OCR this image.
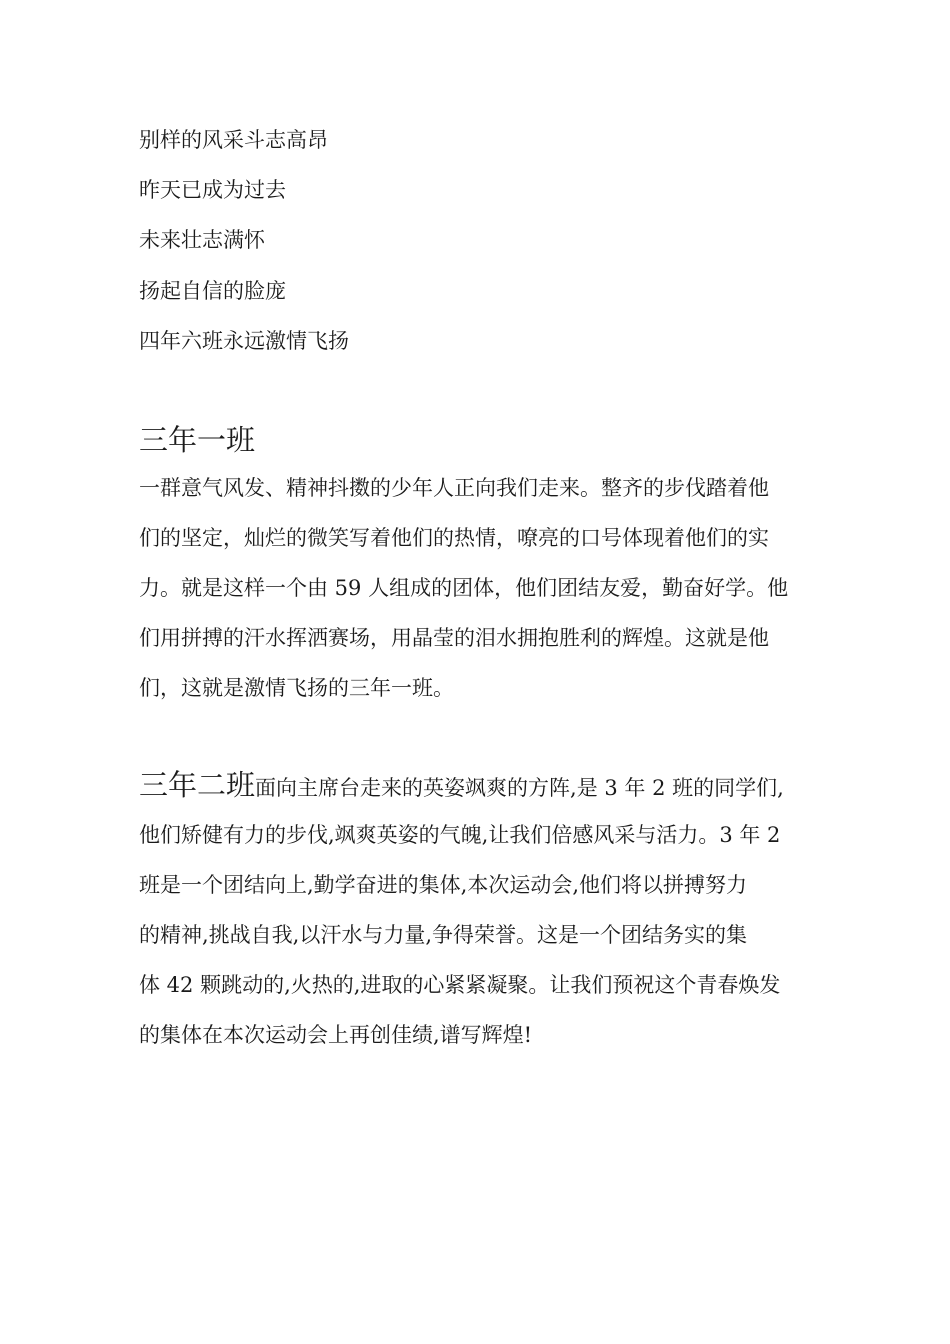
别样的风采斗志高昂
昨天已成为过去
未来壮志满怀
扬起自信的脸庞
四年六班永远激情飞扬
三年一班
一群意气风发、精神抖擞的少年人正向我们走来。整齐的步伐踏着他
们的坚定，灿烂的微笑写着他们的热情，嘹亮的口号体现着他们的实
力。就是这样一个由 59 人组成的团体，他们团结友爱，勤奋好学。他
们用拼搏的汗水挥洒赛场，用晶莹的泪水拥抱胜利的辉煌。这就是他
们，这就是激情飞扬的三年一班。
三年二班面向主席台走来的英姿飒爽的方阵,是 3 年 2 班的同学们,
他们矫健有力的步伐,飒爽英姿的气魄,让我们倍感风采与活力。3 年 2
班是一个团结向上,勤学奋进的集体,本次运动会,他们将以拼搏努力
的精神,挑战自我,以汗水与力量,争得荣誉。这是一个团结务实的集
体 42 颗跳动的,火热的,进取的心紧紧凝聚。让我们预祝这个青春焕发
的集体在本次运动会上再创佳绩,谱写辉煌!
